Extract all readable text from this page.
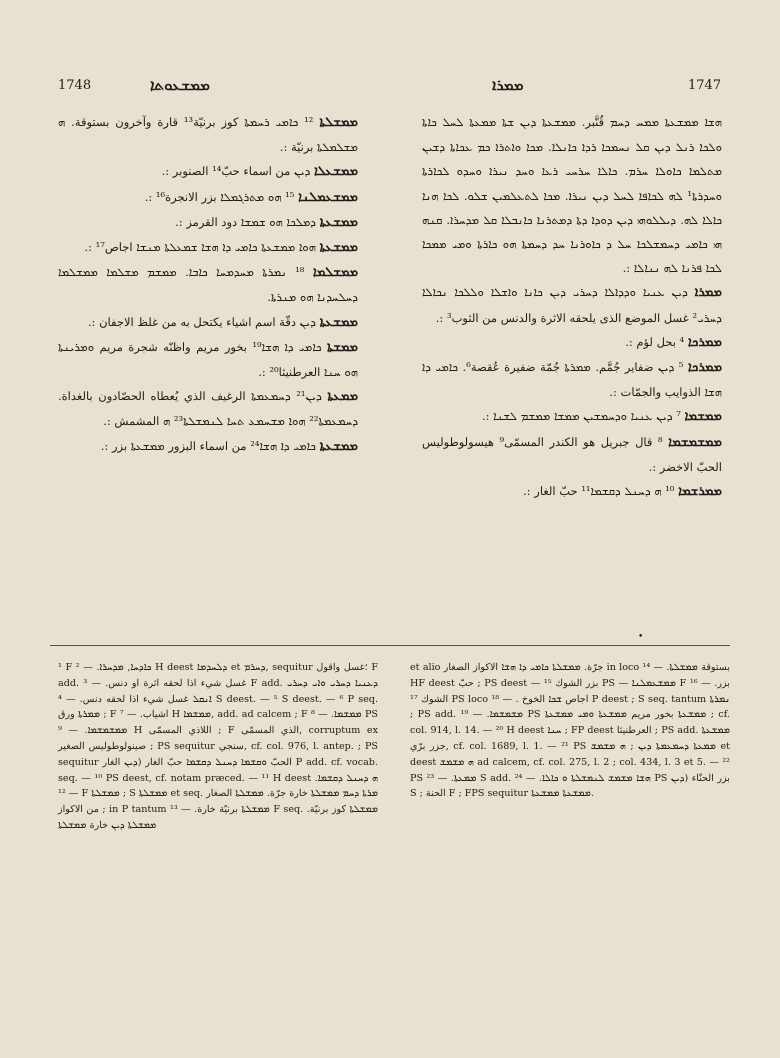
1748	ܡܡܫܥܘܬܐ	ܡܡܪܐ	1747

ܡܡܫܠܬܐ ¹² ܟܐܡܝ ܪܚܡܬܐ كوز برنيّة¹³ قارة وآخرون بستوقة. ܗ ܡܫܠܡܠܬܐ برنيّة :.

ܡܡܫܥܠܐ ܕܝܢ من اسماء حبّ¹⁴ الصنوبر :.

ܡܡܫܥܡܠܢܐ ¹⁵ ܗܘ ܡܬܪܓܡܠܐ بزر الانجرة¹⁶ :.

ܡܡܫܥܬܐ ܕܡܠܟܐ ܗܘ ܫܡܫܐ دود القرمز :.

ܡܡܫܥܬܐ ܗܘܐ ܡܡܫܥܬܐ ܟܐܡܝ ܕܐ ܗܫܐ ܫܡܥܠܬܐ ܡܢܫܐ اجاص¹⁷ :.

ܡܡܫܠܡܐ ¹⁸ ܢܡܪܬܐ ܡܚܕܡܚܐ ܟܐܒܐ. ܡܡܫܡ ܡܫܠܡܐ ܡܡܫܠܡܐ ܕܚܠܚܕܢܐ ܗܘ ܡܢܪܬܐ.

ܡܡܫܥܬܐ ܕܝܢ دقّة اسم اشياء يكتحل به من غلظ الاجفان :.

ܡܡܫܬܐ ܟܐܡܝ ܕܐ ܗܫܐ¹⁹ بخور مريم واظنّه شجرة مريم ܘܡܪܝܢܬܐ ܗܘ ܚܢܐ العرطنيثا²⁰ :.

ܡܡܥܬܐ ܕܝܢ²¹ ܕܚܡܥܡܬܐ الرغيف الذي يُعطاه الحصّادون بالغداة. ܕܚܡܥܡܬܐ²² ܗܘܐ ܡܫܚܡܥ ܬܚܐ ܠܢܡܫܠܬܐ²³ ܗ المشمش :.

ܡܡܫܥܬܐ ܟܐܡܝ ܕܐ ܗܫܐ²⁴ من اسماء البزور ܡܡܫܥܬܐ بزر :.

ܗܫܐ ܡܡܫܥܬܐ ܡܡܚ ܕܚܡ قُنَّبر. ܡܡܫܥܬܐ ܕܝܢ ܫܬܐ ܡܡܥܬܐ ܠܚܠ ܟܐܬܐ ܘܠܟܐ ܪܢܠ ܕܝܢ ܩܠ ܢܚܡܟܐ ܪܕܐ ܟܐܢܠܐ. ܡܟܐ ܘܐܬܪܐ ܟܡ ܥܟܐܬܐ ܕܫܝܢ ܡܬܠܡܐ ܟܐܘܠܐ ܚܪܡ. ܟܐܠܐ ܚܪܚܝ ܪܥܐ ܘܚܕ ܢܝܪܐ ܘܚܕܘ ܠܟܐܪܬܐ ܘܚܕܪܬܐ¹ ܠܗ ܠܟܐܦܐ ܠܚܠ ܕܝܢ ܢܝܪܐ. ܡܟܐ ܠܬܥܠܡܝܢ ܫܠܘ. ܠܟܐ ܗܢܐ ܟܐܠܐ ܠܗ. ܕܝܠܠܘܗܝ ܕܝܢ ܕܘܕܐ ܕܬܐ ܕܡܬܪܢܐ ܟܐܢܒܠܐ ܩܠ ܡܕܚܪܐ. ܩܢܗ ܗܝ ܟܐܡܝ ܕܚܡܫܠܟܐ ܚܠ ܕ ܟܐܘܪܢܐ ܚܕ ܕܚܡܬܐ ܗܘ ܟܐܪܬܐ ܘܡܝ ܡܡܟܐ ܠܟܐ ܦܪܢܐ ܠܗ ܢܢܐܠܐ :.

ܡܡܪܐ ܕܝܢ ܥܢܝܐ ܘܕܕܐܠܐ ܕܚܪܝ ܕܝܢ ܟܐܢܐ ܘܐܫܠܐ ܘܠܠܟܐ ܢܟܐܠܐ ܕܚܪܝ² غسل الموضع الذى يلحقه الاثرة والدنس من الثوب³ :.

ܡܡܪܟܐ ⁴ بحل لؤم :.

ܡܡܪܟܐ ⁵ ܕܝܢ ضفاير جُمَّم. ܡܡܪܬܐ جُمّة ضفيرة عُقصة⁶. ܟܐܡܝ ܕܐ ܗܫܐ الذوايب والجمّات :.

ܡܡܫܡܐ ⁷ ܕܝܢ ܥܢܝܐ ܘܕܚܡܫܝܢ ܡܡܫܐ ܡܡܫܡ ܠܫܢܐ :.

ܡܡܫܡܫܡܐ ⁸ قال جبريل هو الكندر المسمّى⁹ هيسولوطوليس الحبّ الاخضر :.

ܡܡܪܫܡܐ ¹⁰ ܗ ܕܚܢܠ ܕܩܫܡܐ¹¹ حبّ الغار :.

•
¹ F ܟܐܕܚܐ, ܡܕܚܪܐ. — ² H deest ܕܠܚܕܡܐ et ܕܚܪܡ, sequitur ؛غسل واقول F add. غسل شيء اذا لحقه اثرة او دنس. — ³ F add. ܕܥܢܝܐ ܕܚܪܝ ܘܐܝ ܕܚܪܝ ܐܢܩܠ غسل شيء اذا لحقه دنس. — ⁴ S deest. — ⁵ S deest. — ⁶ P seq. ܡܡܪܬܐ ورق ; F اشياب. — ⁷ H ܡܡܫܡܐ, add. ad calcem ; F ܡܡܫܡܐ. — ⁸ PS ܡܡܫܡܫܡܐ. — ⁹ H اللاذي المسمّى ; F الذي المسمّى, corruptum ex صينولوطوليس الصغير ; PS sequitur سنجي, cf. col. 976, l. antep. ; PS sequitur الحبّ ܘܩܫܡܐ ܕܚܢܠ ܕܩܫܡܐ حبّ الغار (ܕܝܢ الغار P add. cf. vocab. seq. — ¹⁰ PS deest, cf. notam præced. — ¹¹ H deest ܗ ܕܚܢܠ ܕܩܫܡܐ. — ¹² F ܡܡܫܠܬܐ ; S ܡܡܫܠܬܐ et seq. ܡܪܬܐ ܕܚܡ ܡܡܫܠܬܐ خارة جرّة. ܡܡܫܠܬܐ الصغار من الاكواز ; in P tantum ܡܡܫܠܬܐ برنيّة خارة. — ¹³ F seq. ܡܡܫܠܬܐ كوز برنيّة. ܡܡܫܠܬܐ ܕܝܢ خارة ܡܡܫܠܬܐ
et alio جرّة. ܡܡܫܠܬܐ ܟܐܡܝ ܕܐ ܗܫܐ الاكواز الصغار in loco بستوقة ܡܡܫܠܬܐ. — ¹⁴ HF deest حبّ ; PS deest — بزر الشوك ¹⁵ PS — ܡܡܫܥܡܠܢܐ F ¹⁶ — .بزر الشوك ¹⁷ PS loco اجاص ܫܟܐ الخوخ . — ¹⁸ P deest ; S seq. tantum ܢܡܪܬܐ ; PS add. ܡܫܡܫܡܐ. — ¹⁹ PS ܡܡܫܥܬܐ بخور مريم ܡܡܫܥܬܐ ܘܡܝ ܡܡܫܥܬܐ ; cf. col. 914, l. 14. — ²⁰ H deest ܚܢܐ ; FP deest العرطنيثا ; PS add. ܡܡܫܥܬܐ جزر برّي, cf. col. 1689, l. 1. — ²¹ PS ܡܡܥܬܐ ܕܚܡܥܡܬܐ ܕܝܢ ; ܗ ܡܫܡܫ et deest ܗ ܡܫܡܫ ad calcem, cf. col. 275, l. 2 ; col. 434, l. 3 et 5. — ²² PS ܡܡܥܬܐ. — ²³ S add. ܗܫܐ ܡܫܡܫ ܠܢܡܫܠܬܐ ܘ ܟܐܠܐ. — ²⁴ PS بزر الحنّاء (ܕܝܢ S ; الحنة F ; FPS sequitur ܡܡܫܥܬܐ ܡܡܫܥܬܐ.
